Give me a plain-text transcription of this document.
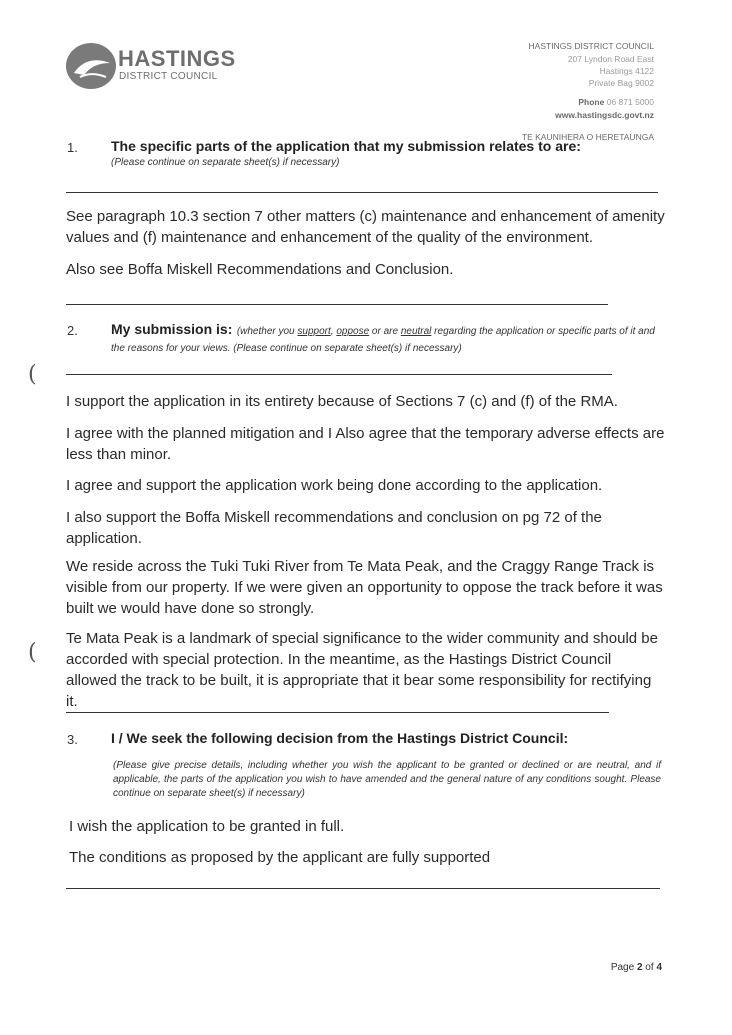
HASTINGS
DISTRICT COUNCIL
HASTINGS DISTRICT COUNCIL
207 Lyndon Road East
Hastings 4122
Private Bag 9002
Phone 06 871 5000
www.hastingsdc.govt.nz
TE KAUNIHERA O HERETAUNGA
1. The specific parts of the application that my submission relates to are:
(Please continue on separate sheet(s) if necessary)
See paragraph 10.3 section 7 other matters (c) maintenance and enhancement of amenity values and (f) maintenance and enhancement of the quality of the environment.
Also see Boffa Miskell Recommendations and Conclusion.
2. My submission is: (whether you support, oppose or are neutral regarding the application or specific parts of it and the reasons for your views. (Please continue on separate sheet(s) if necessary)
(
I support the application in its entirety because of Sections 7 (c) and (f) of the RMA.
I agree with the planned mitigation and I Also agree that the temporary adverse effects are less than minor.
I agree and support the application work being done according to the application.
I also support the Boffa Miskell recommendations and conclusion on pg 72 of the application.
We reside across the Tuki Tuki River from Te Mata Peak, and the Craggy Range Track is visible from our property. If we were given an opportunity to oppose the track before it was built we would have done so strongly.
Te Mata Peak is a landmark of special significance to the wider community and should be accorded with special protection. In the meantime, as the Hastings District Council allowed the track to be built, it is appropriate that it bear some responsibility for rectifying it.
(
3. I / We seek the following decision from the Hastings District Council:
(Please give precise details, including whether you wish the applicant to be granted or declined or are neutral, and if applicable, the parts of the application you wish to have amended and the general nature of any conditions sought. Please continue on separate sheet(s) if necessary)
I wish the application to be granted in full.
The conditions as proposed by the applicant are fully supported
Page 2 of 4
